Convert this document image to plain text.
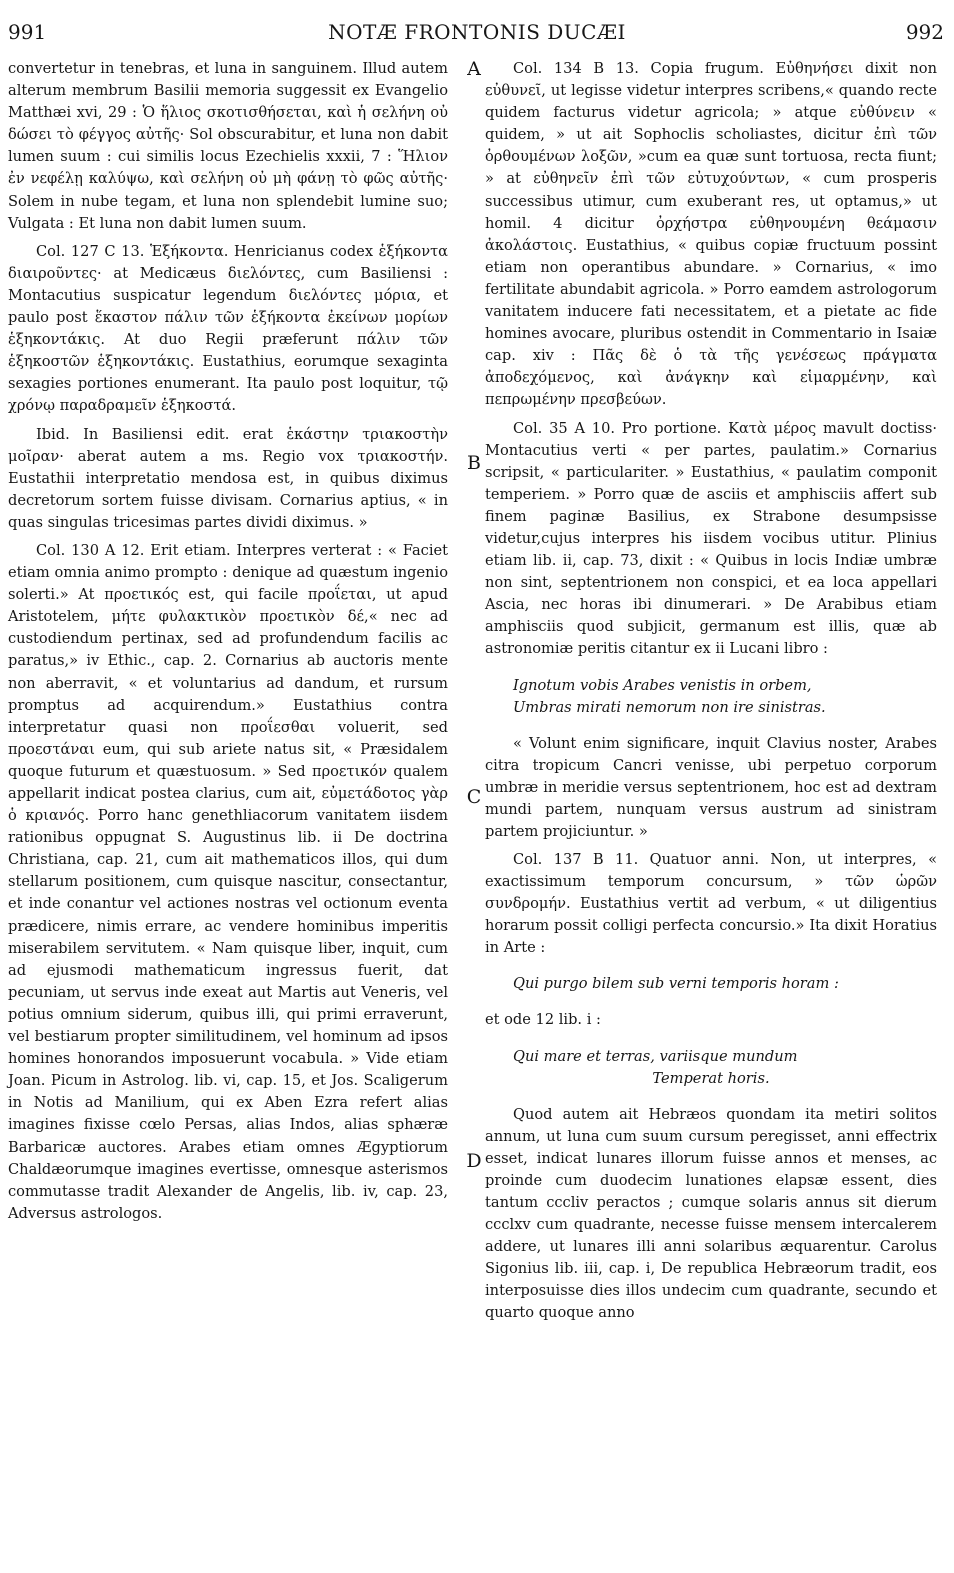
991	NOTÆ FRONTONIS DUCÆI	992
A
B
C
D

convertetur in tenebras, et luna in sanguinem. Illud autem alterum membrum Basilii memoria suggessit ex Evangelio Matthæi xvi, 29 : Ὁ ἥλιος σκοτισθήσεται, καὶ ἡ σελήνη οὐ δώσει τὸ φέγγος αὐτῆς· Sol obscurabitur, et luna non dabit lumen suum : cui similis locus Ezechielis xxxii, 7 : Ἥλιον ἐν νεφέλῃ καλύψω, καὶ σελήνη οὐ μὴ φάνῃ τὸ φῶς αὐτῆς· Solem in nube tegam, et luna non splendebit lumine suo; Vulgata : Et luna non dabit lumen suum.

Col. 127 C 13. Ἑξήκοντα. Henricianus codex ἑξήκοντα διαιροῦντες· at Medicæus διελόντες, cum Basiliensi : Montacutius suspicatur legendum διελόντες μόρια, et paulo post ἕκαστον πάλιν τῶν ἑξήκοντα ἐκείνων μορίων ἑξηκοντάκις. At duo Regii præferunt πάλιν τῶν ἑξηκοστῶν ἑξηκοντάκις. Eustathius, eorumque sexaginta sexagies portiones enumerant. Ita paulo post loquitur, τῷ χρόνῳ παραδραμεῖν ἑξηκοστά.

Ibid. In Basiliensi edit. erat ἑκάστην τριακοστὴν μοῖραν· aberat autem a ms. Regio vox τριακοστήν. Eustathii interpretatio mendosa est, in quibus diximus decretorum sortem fuisse divisam. Cornarius aptius, « in quas singulas tricesimas partes dividi diximus. »

Col. 130 A 12. Erit etiam. Interpres verterat : « Faciet etiam omnia animo prompto : denique ad quæstum ingenio solerti.» At προετικός est, qui facile προΐεται, ut apud Aristotelem, μήτε φυλακτικὸν προετικὸν δέ,« nec ad custodiendum pertinax, sed ad profundendum facilis ac paratus,» iv Ethic., cap. 2. Cornarius ab auctoris mente non aberravit, « et voluntarius ad dandum, et rursum promptus ad acquirendum.» Eustathius contra interpretatur quasi non προΐεσθαι voluerit, sed προεστάναι eum, qui sub ariete natus sit, « Præsidalem quoque futurum et quæstuosum. » Sed προετικόν qualem appellarit indicat postea clarius, cum ait, εὐμετάδοτος γὰρ ὁ κριανός. Porro hanc genethliacorum vanitatem iisdem rationibus oppugnat S. Augustinus lib. ii De doctrina Christiana, cap. 21, cum ait mathematicos illos, qui dum stellarum positionem, cum quisque nascitur, consectantur, et inde conantur vel actiones nostras vel octionum eventa prædicere, nimis errare, ac vendere hominibus imperitis miserabilem servitutem. « Nam quisque liber, inquit, cum ad ejusmodi mathematicum ingressus fuerit, dat pecuniam, ut servus inde exeat aut Martis aut Veneris, vel potius omnium siderum, quibus illi, qui primi erraverunt, vel bestiarum propter similitudinem, vel hominum ad ipsos homines honorandos imposuerunt vocabula. » Vide etiam Joan. Picum in Astrolog. lib. vi, cap. 15, et Jos. Scaligerum in Notis ad Manilium, qui ex Aben Ezra refert alias imagines fixisse cœlo Persas, alias Indos, alias sphæræ Barbaricæ auctores. Arabes etiam omnes Ægyptiorum Chaldæorumque imagines evertisse, omnesque asterismos commutasse tradit Alexander de Angelis, lib. iv, cap. 23, Adversus astrologos.

Col. 134 B 13. Copia frugum. Εὐθηνήσει dixit non εὐθυνεῖ, ut legisse videtur interpres scribens,« quando recte quidem facturus videtur agricola; » atque εὐθύνειν « quidem, » ut ait Sophoclis scholiastes, dicitur ἐπὶ τῶν ὀρθουμένων λοξῶν, »cum ea quæ sunt tortuosa, recta fiunt; » at εὐθηνεῖν ἐπὶ τῶν εὐτυχούντων, « cum prosperis successibus utimur, cum exuberant res, ut optamus,» ut homil. 4 dicitur ὀρχήστρα εὐθηνουμένη θεάμασιν ἀκολάστοις. Eustathius, « quibus copiæ fructuum possint etiam non operantibus abundare. » Cornarius, « imo fertilitate abundabit agricola. » Porro eamdem astrologorum vanitatem inducere fati necessitatem, et a pietate ac fide homines avocare, pluribus ostendit in Commentario in Isaiæ cap. xiv : Πᾶς δὲ ὁ τὰ τῆς γενέσεως πράγματα ἀποδεχόμενος, καὶ ἀνάγκην καὶ εἱμαρμένην, καὶ πεπρωμένην πρεσβεύων.

Col. 35 A 10. Pro portione. Κατὰ μέρος mavult doctiss· Montacutius verti « per partes, paulatim.» Cornarius scripsit, « particulariter. » Eustathius, « paulatim componit temperiem. » Porro quæ de asciis et amphisciis affert sub finem paginæ Basilius, ex Strabone desumpsisse videtur,cujus interpres his iisdem vocibus utitur. Plinius etiam lib. ii, cap. 73, dixit : « Quibus in locis Indiæ umbræ non sint, septentrionem non conspici, et ea loca appellari Ascia, nec horas ibi dinumerari. » De Arabibus etiam amphisciis quod subjicit, germanum est illis, quæ ab astronomiæ peritis citantur ex ii Lucani libro :

Ignotum vobis Arabes venistis in orbem,
Umbras mirati nemorum non ire sinistras.

« Volunt enim significare, inquit Clavius noster, Arabes citra tropicum Cancri venisse, ubi perpetuo corporum umbræ in meridie versus septentrionem, hoc est ad dextram mundi partem, nunquam versus austrum ad sinistram partem projiciuntur. »

Col. 137 B 11. Quatuor anni. Non, ut interpres, « exactissimum temporum concursum, » τῶν ὡρῶν συνδρομήν. Eustathius vertit ad verbum, « ut diligentius horarum possit colligi perfecta concursio.» Ita dixit Horatius in Arte :

Qui purgo bilem sub verni temporis horam :

et ode 12 lib. i :

Qui mare et terras, variisque mundum
Temperat horis.

Quod autem ait Hebræos quondam ita metiri solitos annum, ut luna cum suum cursum peregisset, anni effectrix esset, indicat lunares illorum fuisse annos et menses, ac proinde cum duodecim lunationes elapsæ essent, dies tantum cccliv peractos ; cumque solaris annus sit dierum ccclxv cum quadrante, necesse fuisse mensem intercalerem addere, ut lunares illi anni solaribus æquarentur. Carolus Sigonius lib. iii, cap. i, De republica Hebræorum tradit, eos interposuisse dies illos undecim cum quadrante, secundo et quarto quoque anno
